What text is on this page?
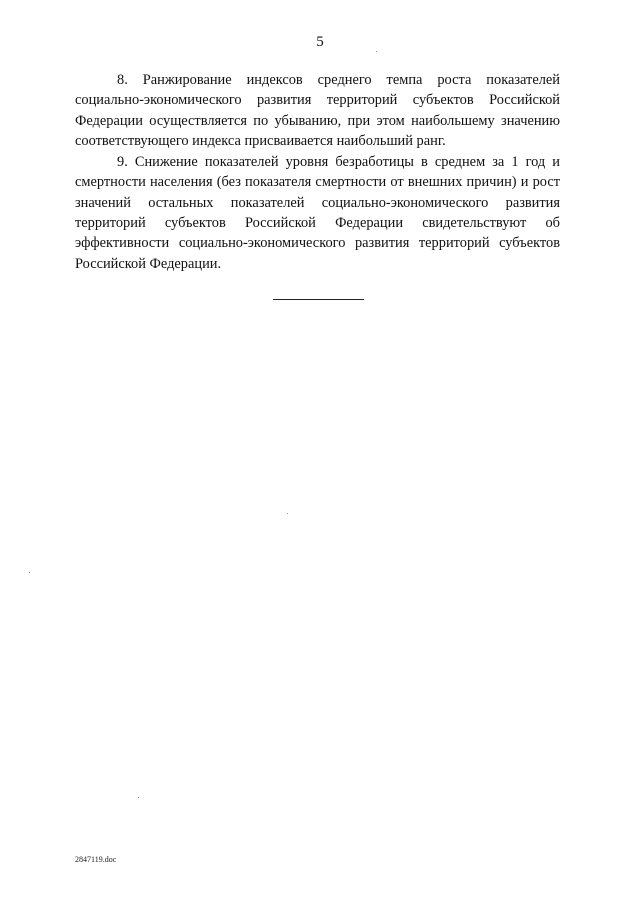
5

8. Ранжирование индексов среднего темпа роста показателей социально-экономического развития территорий субъектов Российской Федерации осуществляется по убыванию, при этом наибольшему значению соответствующего индекса присваивается наибольший ранг.

9. Снижение показателей уровня безработицы в среднем за 1 год и смертности населения (без показателя смертности от внешних причин) и рост значений остальных показателей социально-экономического развития территорий субъектов Российской Федерации свидетельствуют об эффективности социально-экономического развития территорий субъектов Российской Федерации.

2847119.doc
